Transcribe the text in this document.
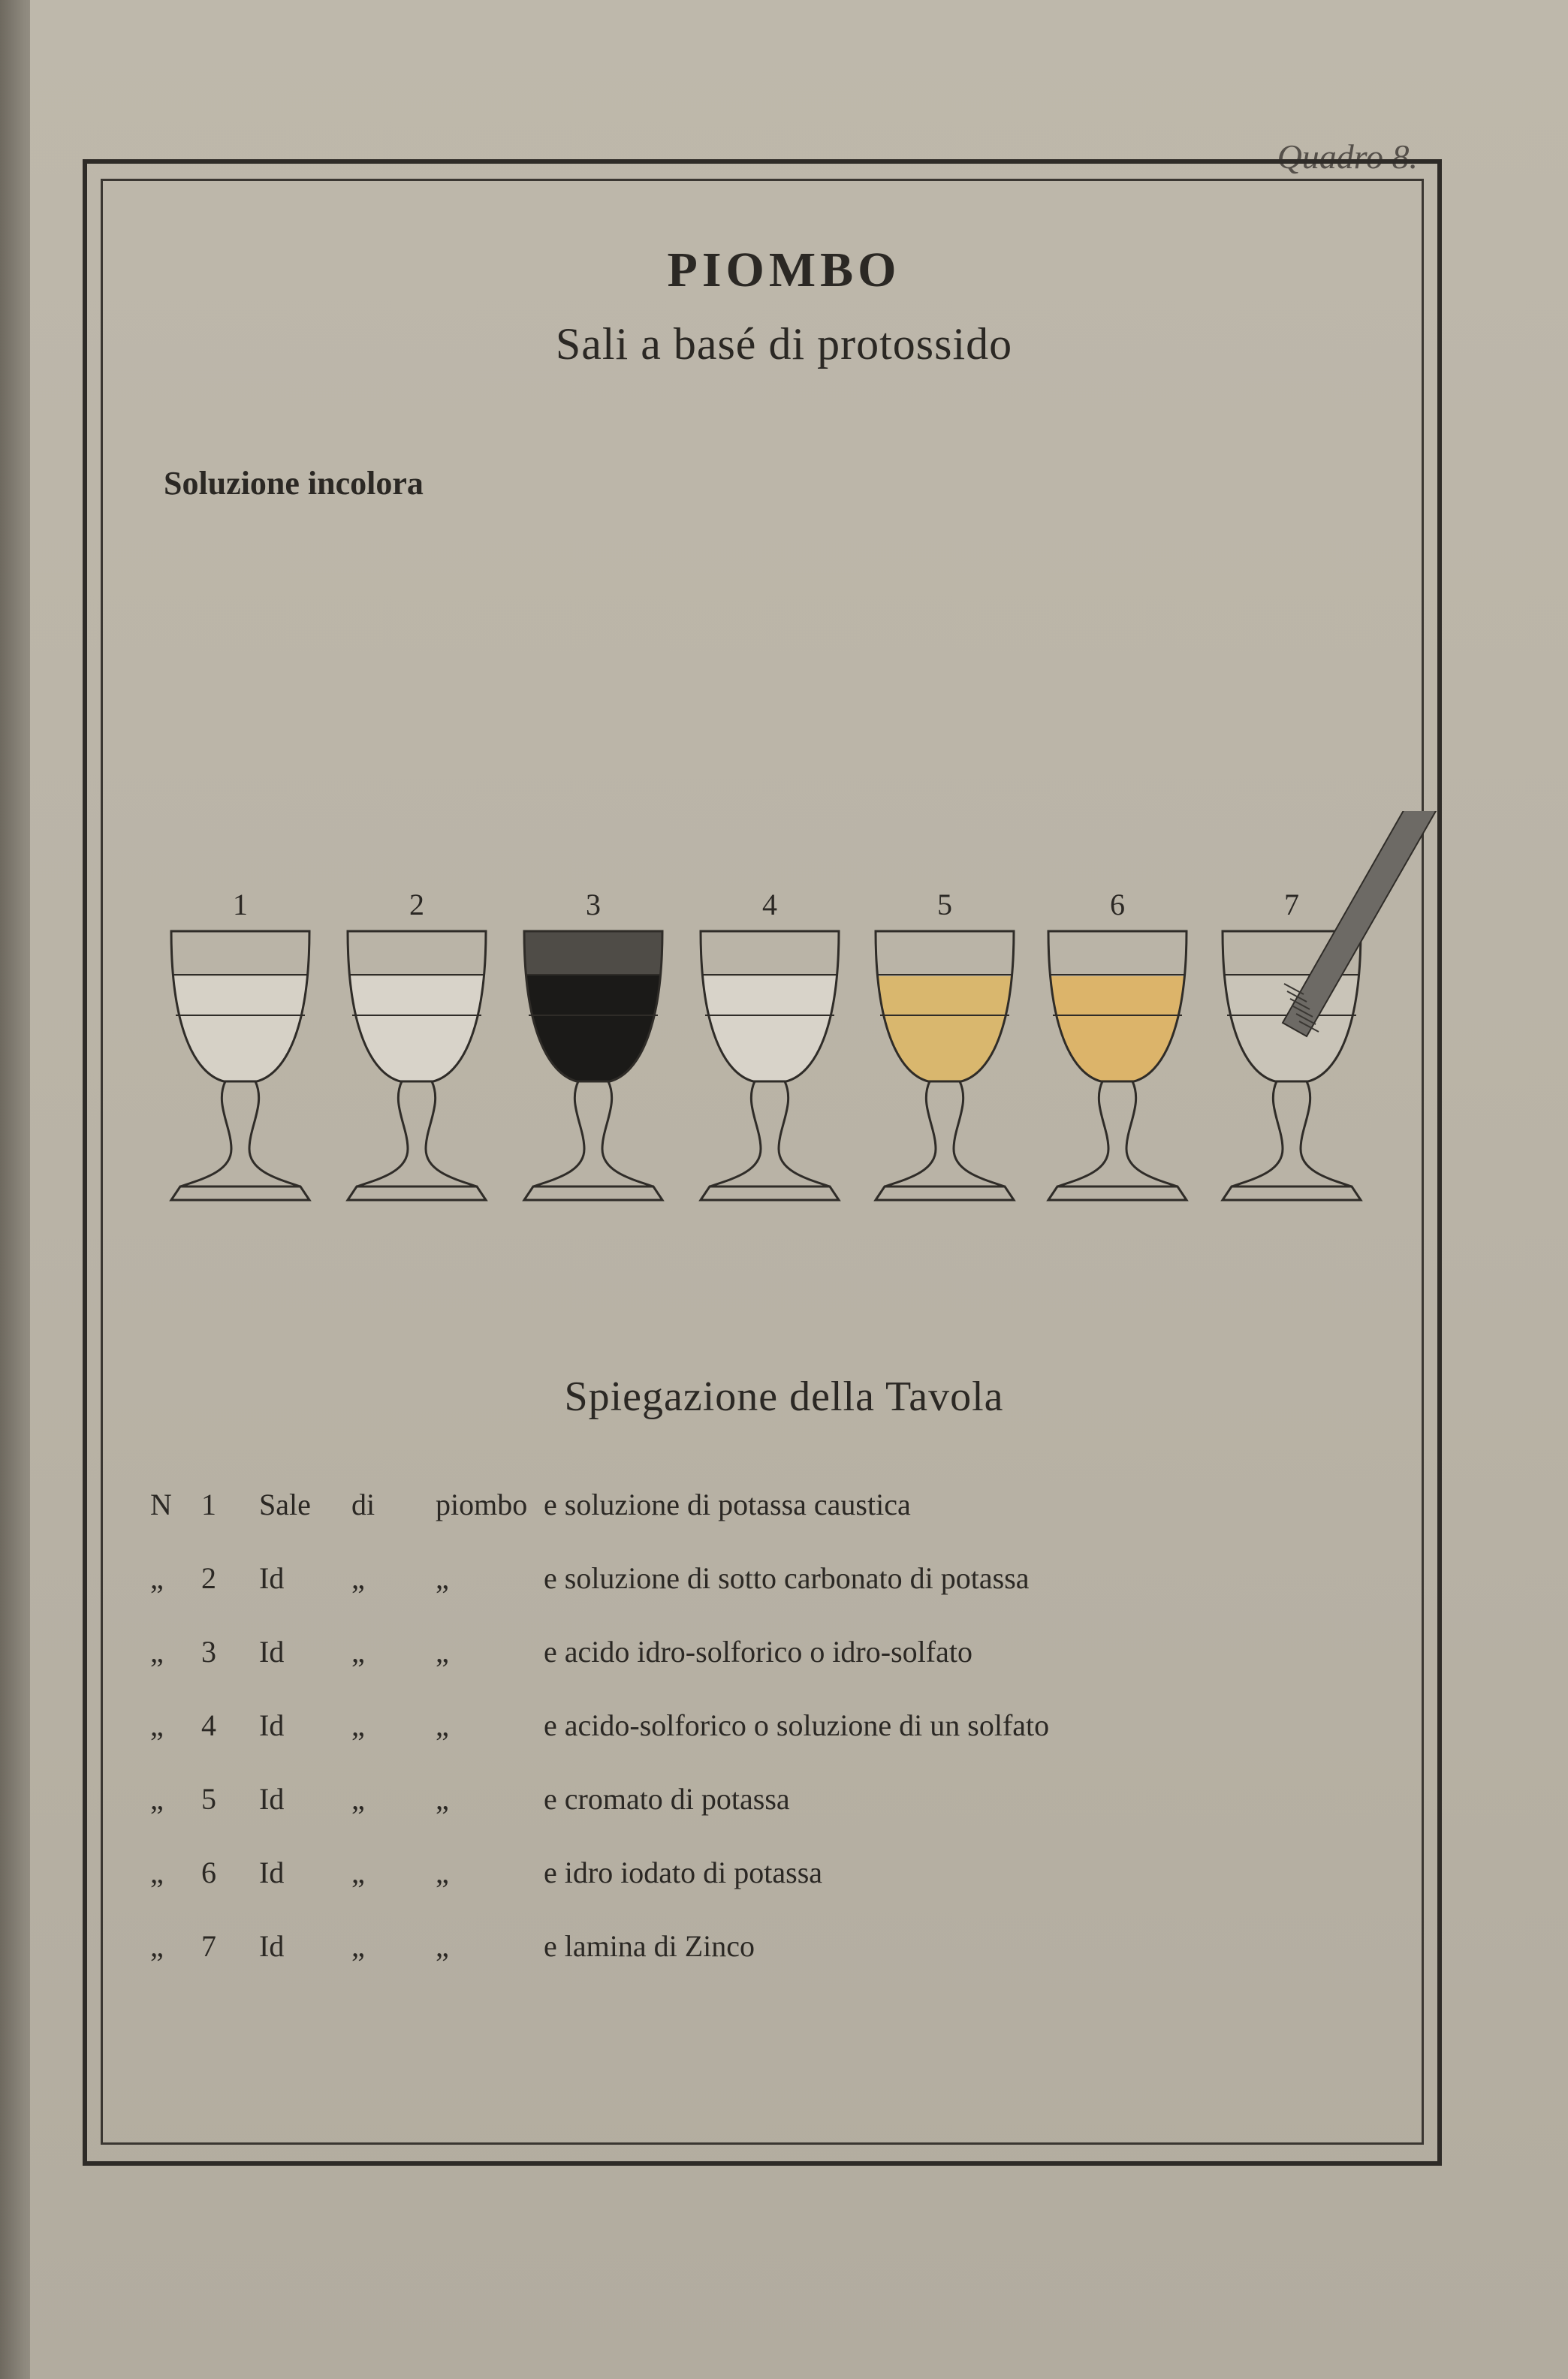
Quadro 8.
PIOMBO
Sali a basé di protossido
Soluzione incolora
1	2	3	4	5	6	7
Spiegazione della Tavola
N 1 Sale di piombo e soluzione di potassa caustica
„ 2 Id „ „	e soluzione di sotto carbonato di potassa
„ 3 Id „ „	e acido idro-solforico o idro-solfato
„ 4 Id „ „	e acido-solforico o soluzione di un solfato
„ 5 Id „ „	e cromato di potassa
„ 6 Id „ „	e idro iodato di potassa
„ 7 Id „ „	e lamina di Zinco
